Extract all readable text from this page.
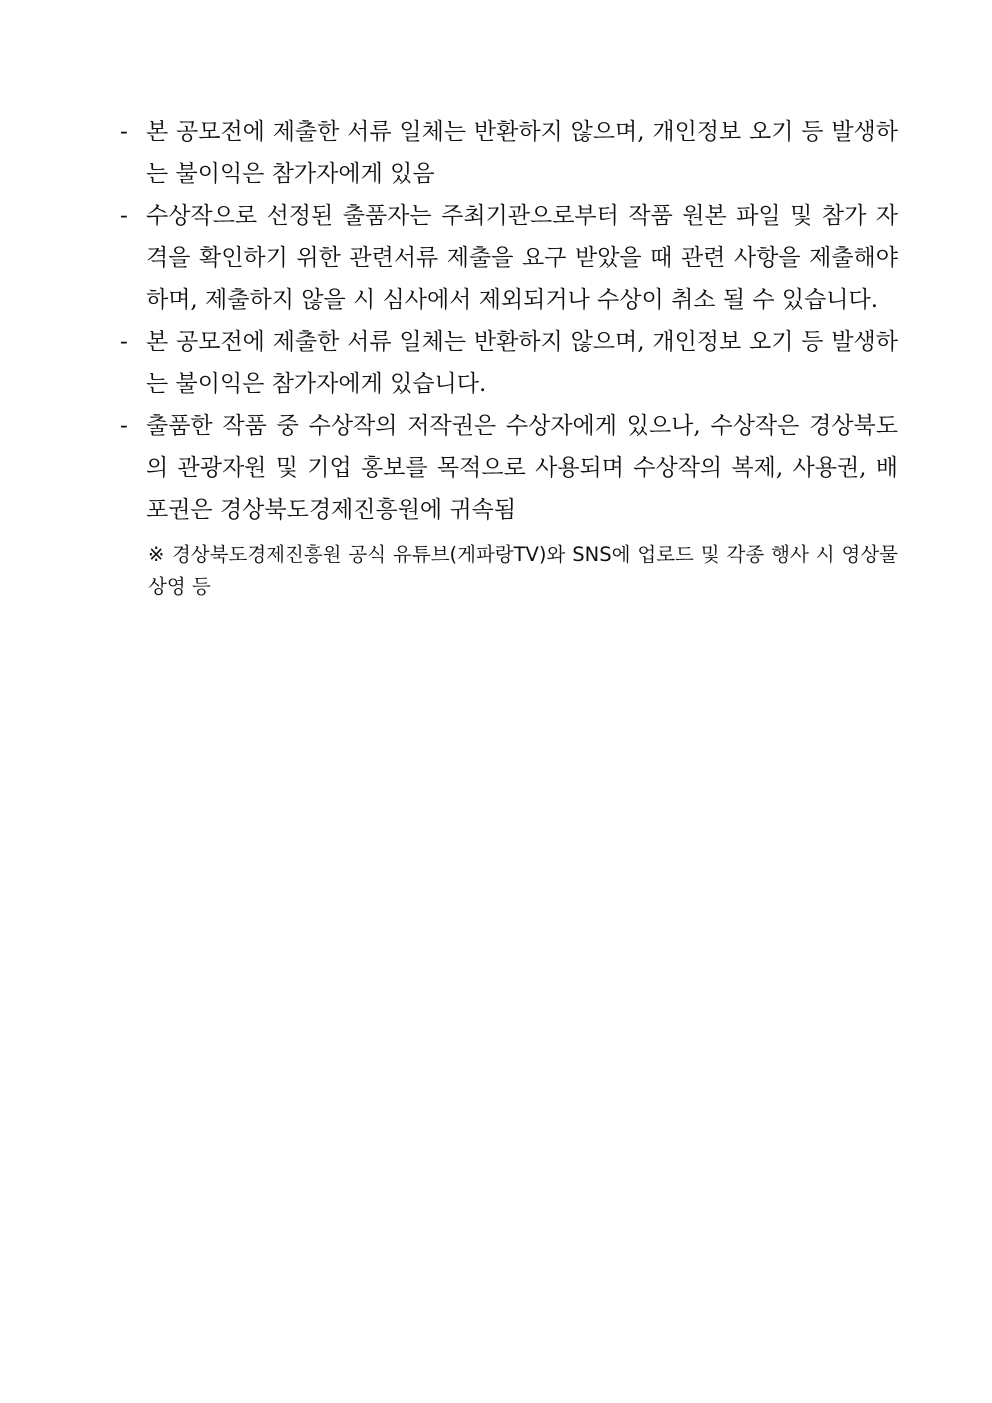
- 본 공모전에 제출한 서류 일체는 반환하지 않으며, 개인정보 오기 등 발생하는 불이익은 참가자에게 있음

- 수상작으로 선정된 출품자는 주최기관으로부터 작품 원본 파일 및 참가 자격을 확인하기 위한 관련서류 제출을 요구 받았을 때 관련 사항을 제출해야 하며, 제출하지 않을 시 심사에서 제외되거나 수상이 취소 될 수 있습니다.

- 본 공모전에 제출한 서류 일체는 반환하지 않으며, 개인정보 오기 등 발생하는 불이익은 참가자에게 있습니다.

- 출품한 작품 중 수상작의 저작권은 수상자에게 있으나, 수상작은 경상북도의 관광자원 및 기업 홍보를 목적으로 사용되며 수상작의 복제, 사용권, 배포권은 경상북도경제진흥원에 귀속됨

※ 경상북도경제진흥원 공식 유튜브(게파랑TV)와 SNS에 업로드 및 각종 행사 시 영상물 상영 등
